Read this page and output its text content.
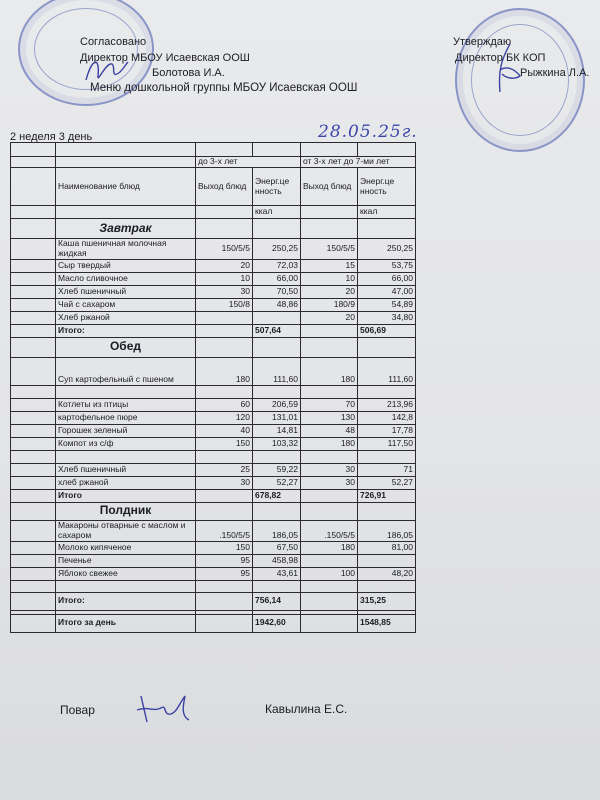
Согласовано
Директор МБОУ Исаевская ООШ
Болотова И.А.
Меню дошкольной группы МБОУ Исаевская ООШ
Утверждаю
Директор БК КОП
Рыжкина Л.А.
2 неделя 3 день	28.05.25г.

		до 3-х лет		от 3-х лет до 7-ми лет	
	Наименование блюд	Выход блюд	Энерг.це нность	Выход блюд	Энерг.це нность
			ккал		ккал
	Завтрак				
	Каша пшеничная молочная жидкая	150/5/5	250,25	150/5/5	250,25
	Сыр твердый	20	72,03	15	53,75
	Масло сливочное	10	66,00	10	66,00
	Хлеб пшеничный	30	70,50	20	47,00
	Чай с сахаром	150/8	48,86	180/9	54,89
	Хлеб ржаной			20	34,80
	Итого:		507,64		506,69
	Обед				
	Суп картофельный с пшеном	180	111,60	180	111,60

	Котлеты из птицы	60	206,59	70	213,96
	картофельное пюре	120	131,01	130	142,8
	Горошек зеленый	40	14,81	48	17,78
	Компот из с/ф	150	103,32	180	117,50

	Хлеб пшеничный	25	59,22	30	71
	хлеб ржаной	30	52,27	30	52,27
	Итого		678,82		726,91
	Полдник				
	Макароны отварные с маслом и сахаром	.150/5/5	186,05	.150/5/5	186,05
	Молоко кипяченое	150	67,50	180	81,00
	Печенье	95	458,98		
	Яблоко свежее	95	43,61	100	48,20

	Итого:		756,14		315,25

	Итого за день		1942,60		1548,85
Повар	Кавылина Е.С.
